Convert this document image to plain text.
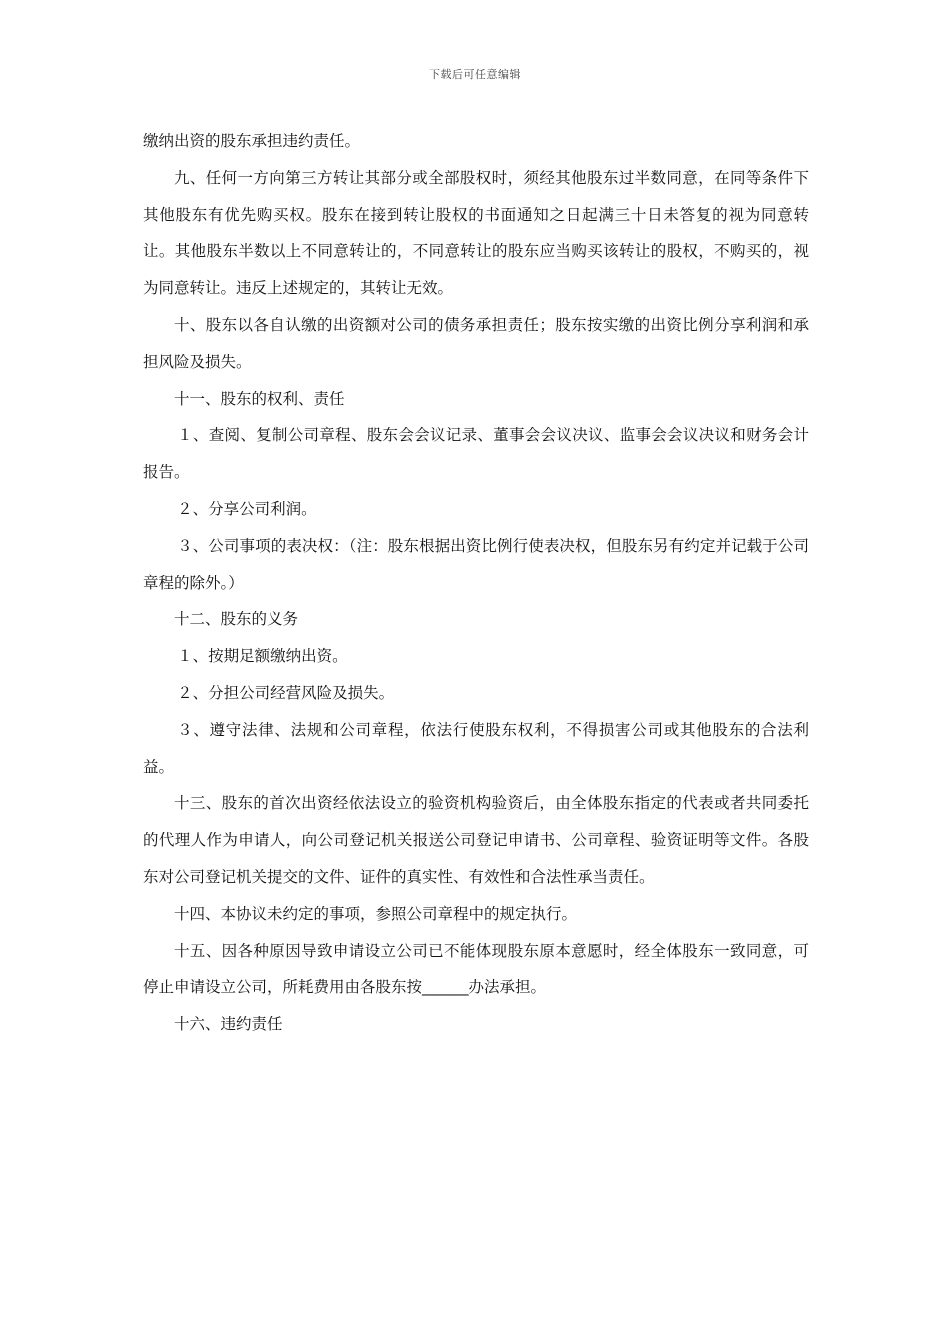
下载后可任意编辑

缴纳出资的股东承担违约责任。

九、任何一方向第三方转让其部分或全部股权时，须经其他股东过半数同意，在同等条件下其他股东有优先购买权。股东在接到转让股权的书面通知之日起满三十日未答复的视为同意转让。其他股东半数以上不同意转让的，不同意转让的股东应当购买该转让的股权，不购买的，视为同意转让。违反上述规定的，其转让无效。

十、股东以各自认缴的出资额对公司的债务承担责任；股东按实缴的出资比例分享利润和承担风险及损失。

十一、股东的权利、责任

１、查阅、复制公司章程、股东会会议记录、董事会会议决议、监事会会议决议和财务会计报告。

２、分享公司利润。

３、公司事项的表决权：（注：股东根据出资比例行使表决权，但股东另有约定并记载于公司章程的除外。）

十二、股东的义务

１、按期足额缴纳出资。

２、分担公司经营风险及损失。

３、遵守法律、法规和公司章程，依法行使股东权利，不得损害公司或其他股东的合法利益。

十三、股东的首次出资经依法设立的验资机构验资后，由全体股东指定的代表或者共同委托的代理人作为申请人，向公司登记机关报送公司登记申请书、公司章程、验资证明等文件。各股东对公司登记机关提交的文件、证件的真实性、有效性和合法性承当责任。

十四、本协议未约定的事项，参照公司章程中的规定执行。

十五、因各种原因导致申请设立公司已不能体现股东原本意愿时，经全体股东一致同意，可停止申请设立公司，所耗费用由各股东按______办法承担。

十六、违约责任
